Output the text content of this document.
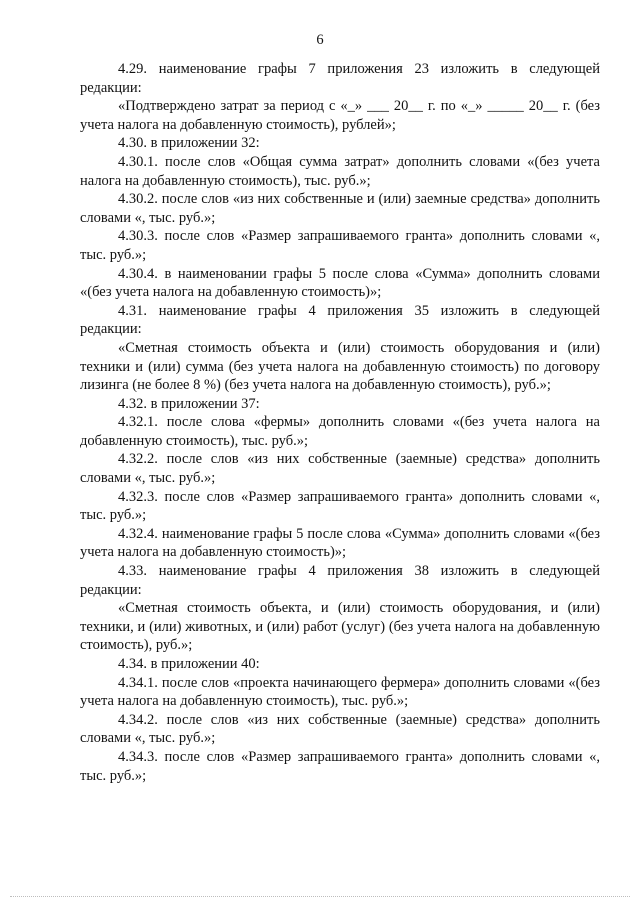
6

4.29. наименование графы 7 приложения 23 изложить в следующей редакции:

«Подтверждено затрат за период с «_» ___ 20__ г. по «_» _____ 20__ г. (без учета налога на добавленную стоимость), рублей»;

4.30. в приложении 32:

4.30.1. после слов «Общая сумма затрат» дополнить словами «(без учета налога на добавленную стоимость), тыс. руб.»;

4.30.2. после слов «из них собственные и (или) заемные средства» дополнить словами «, тыс. руб.»;

4.30.3. после слов «Размер запрашиваемого гранта» дополнить словами «, тыс. руб.»;

4.30.4. в наименовании графы 5 после слова «Сумма» дополнить словами «(без учета налога на добавленную стоимость)»;

4.31. наименование графы 4 приложения 35 изложить в следующей редакции:

«Сметная стоимость объекта и (или) стоимость оборудования и (или) техники и (или) сумма (без учета налога на добавленную стоимость) по договору лизинга (не более 8 %) (без учета налога на добавленную стоимость), руб.»;

4.32. в приложении 37:

4.32.1. после слова «фермы» дополнить словами «(без учета налога на добавленную стоимость), тыс. руб.»;

4.32.2. после слов «из них собственные (заемные) средства» дополнить словами «, тыс. руб.»;

4.32.3. после слов «Размер запрашиваемого гранта» дополнить словами «, тыс. руб.»;

4.32.4. наименование графы 5 после слова «Сумма» дополнить словами «(без учета налога на добавленную стоимость)»;

4.33. наименование графы 4 приложения 38 изложить в следующей редакции:

«Сметная стоимость объекта, и (или) стоимость оборудования, и (или) техники, и (или) животных, и (или) работ (услуг) (без учета налога на добавленную стоимость), руб.»;

4.34. в приложении 40:

4.34.1. после слов «проекта начинающего фермера» дополнить словами «(без учета налога на добавленную стоимость), тыс. руб.»;

4.34.2. после слов «из них собственные (заемные) средства» дополнить словами «, тыс. руб.»;

4.34.3. после слов «Размер запрашиваемого гранта» дополнить словами «, тыс. руб.»;
